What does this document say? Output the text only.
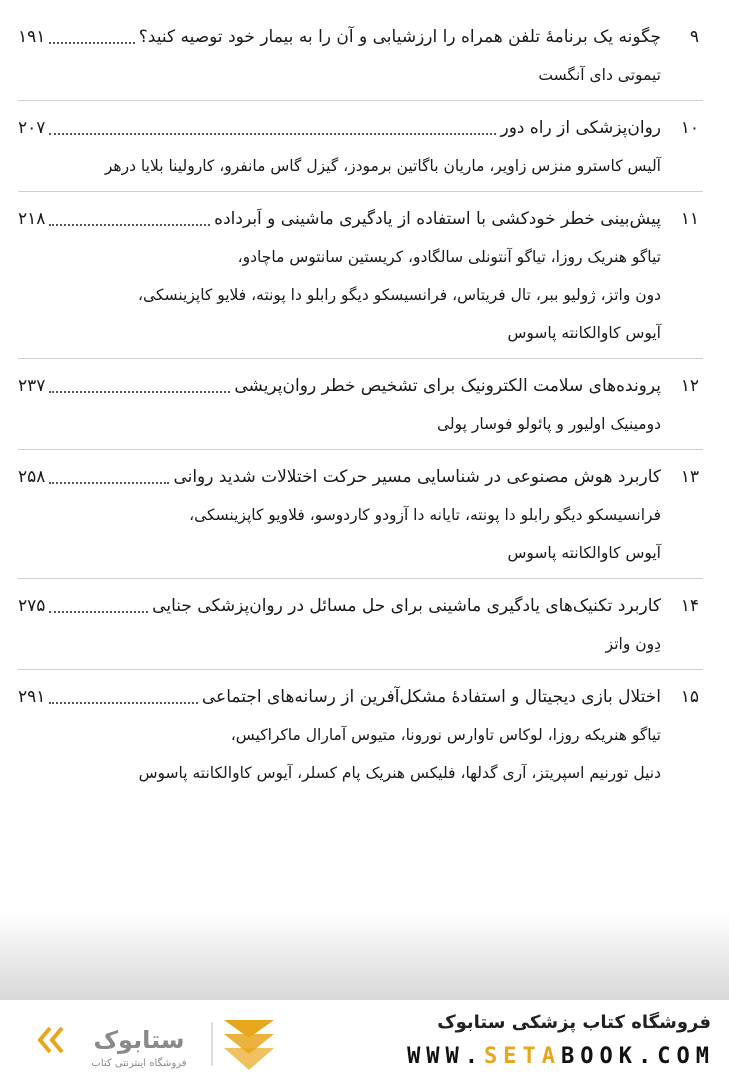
۹
چگونه یک برنامهٔ تلفن همراه را ارزشیابی و آن را به بیمار خود توصیه کنید؟
۱۹۱
تیموتی دای آنگست
۱۰
روان‌پزشکی از راه دور
۲۰۷
آلیس کاسترو منزس زاویر، ماریان باگاتین برمودز، گیزل گاس مانفرو، کارولینا بلایا درهر
۱۱
پیش‌بینی خطر خودکشی با استفاده از یادگیری ماشینی و اَبرداده
۲۱۸
تیاگو هنریک روزا، تیاگو آنتونلی سالگادو، کریستین سانتوس ماچادو،
دون واتز، ژولیو ببر، تال فریتاس، فرانسیسکو دیگو رابلو دا پونته، فلایو کاپزینسکی،
آیوس کاوالکانته پاسوس
۱۲
پرونده‌های سلامت الکترونیک برای تشخیص خطر روان‌پریشی
۲۳۷
دومینیک اولیور و پائولو فوسار پولی
۱۳
کاربرد هوش مصنوعی در شناسایی مسیر حرکت اختلالات شدید روانی
۲۵۸
فرانسیسکو دیگو رابلو دا پونته، تایانه دا آزودو کاردوسو، فلاویو کاپزینسکی،
آیوس کاوالکانته پاسوس
۱۴
کاربرد تکنیک‌های یادگیری ماشینی برای حل مسائل در روان‌پزشکی جنایی
۲۷۵
دِون واتز
۱۵
اختلال بازی دیجیتال و استفادهٔ مشکل‌آفرین از رسانه‌های اجتماعی
۲۹۱
تیاگو هنریکه روزا، لوکاس تاوارس نورونا، متیوس آمارال ماکراکیس،
دنیل تورنیم اسپریتز، آری گدلها، فلیکس هنریک پام کسلر، آیوس کاوالکانته پاسوس
ستابوک
فروشگاه اینترنتی کتاب
فروشگاه کتاب پزشکی ستابوک
WWW.SETABOOK.COM
